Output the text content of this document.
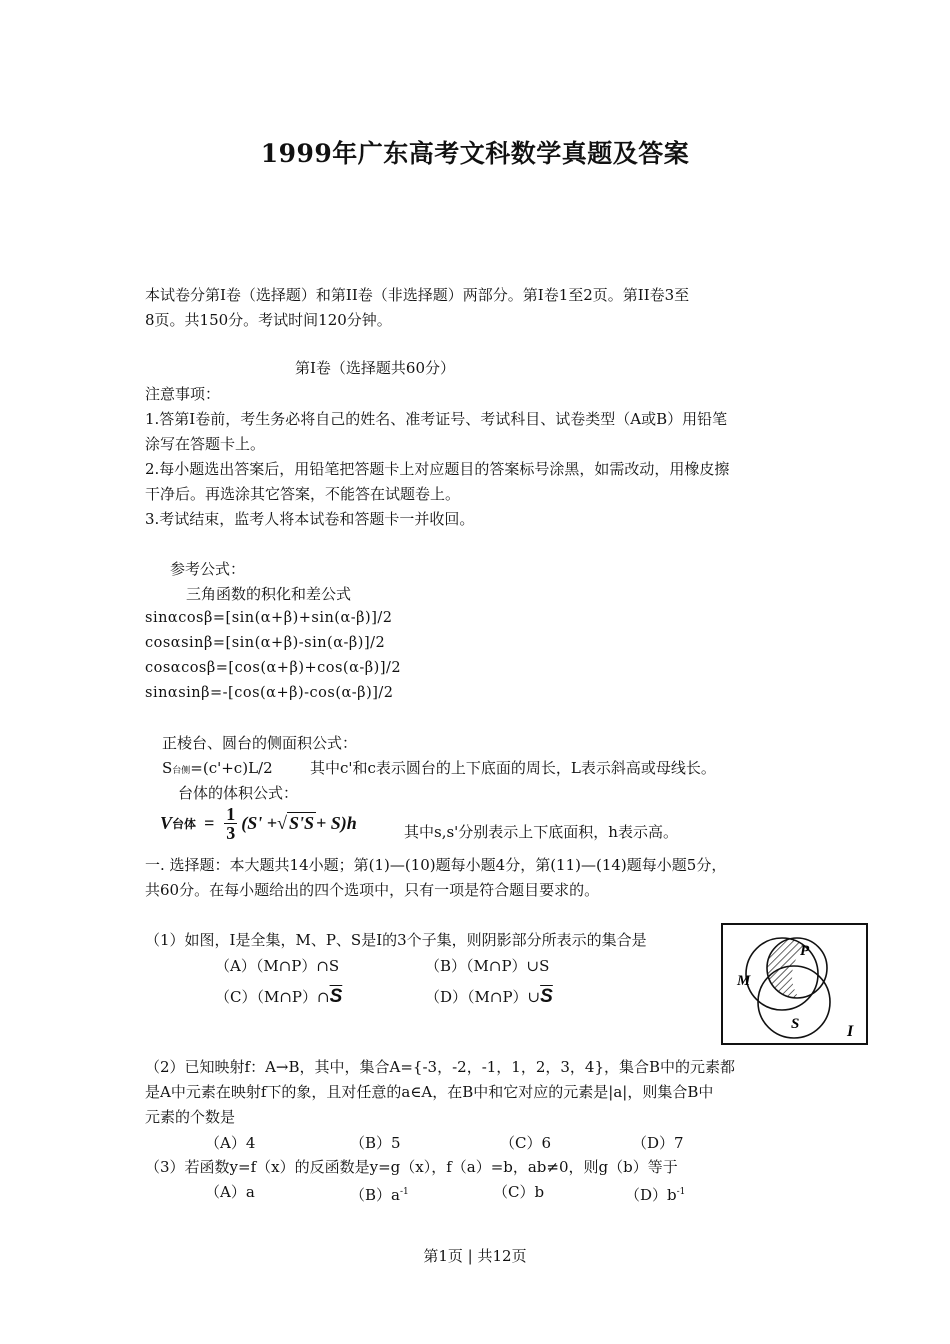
1999年广东高考文科数学真题及答案
本试卷分第Ⅰ卷（选择题）和第II卷（非选择题）两部分。第Ⅰ卷1至2页。第II卷3至
8页。共150分。考试时间120分钟。
第Ⅰ卷（选择题共60分）
注意事项：
1.答第Ⅰ卷前，考生务必将自己的姓名、准考证号、考试科目、试卷类型（A或B）用铅笔
涂写在答题卡上。
2.每小题选出答案后，用铅笔把答题卡上对应题目的答案标号涂黑，如需改动，用橡皮擦
干净后。再选涂其它答案，不能答在试题卷上。
3.考试结束，监考人将本试卷和答题卡一并收回。
参考公式：
三角函数的积化和差公式
sinαcosβ=[sin(α+β)+sin(α-β)]/2
cosαsinβ=[sin(α+β)-sin(α-β)]/2
cosαcosβ=[cos(α+β)+cos(α-β)]/2
sinαsinβ=-[cos(α+β)-cos(α-β)]/2
正棱台、圆台的侧面积公式：
S台侧=(c'+c)L/2 其中c'和c表示圆台的上下底面的周长，L表示斜高或母线长。
台体的体积公式：
V 台体 = $\frac{1}{3} (S'$ + √ S'S + S)h	其中s,s'分别表示上下底面积，h表示高。
一. 选择题：本大题共14小题；第(1)—(10)题每小题4分，第(11)—(14)题每小题5分，
共60分。在每小题给出的四个选项中，只有一项是符合题目要求的。
（1）如图，Ⅰ是全集，M、P、S是Ⅰ的3个子集，则阴影部分所表示的集合是
（A）（M∩P）∩S	（B）（M∩P）∪S
$(C)(M\cap P)\cap\overline{S}$	$(D)(M\cap P)\cup\overline{S}$
M
P
S	I
（2）已知映射f：A→B，其中，集合A={-3，-2，-1，1，2，3，4}，集合B中的元素都
是A中元素在映射f下的象，且对任意的a∈A，在B中和它对应的元素是|a|，则集合B中
元素的个数是
（A）4	（B）5	（C）6	（D）7
（3）若函数y=f（x）的反函数是y=g（x），f（a）=b，ab≠0，则g（b）等于
（A）a	$(B)a^{-1}$	（C）b	$(D)b^{-1}$
第1页 | 共12页
